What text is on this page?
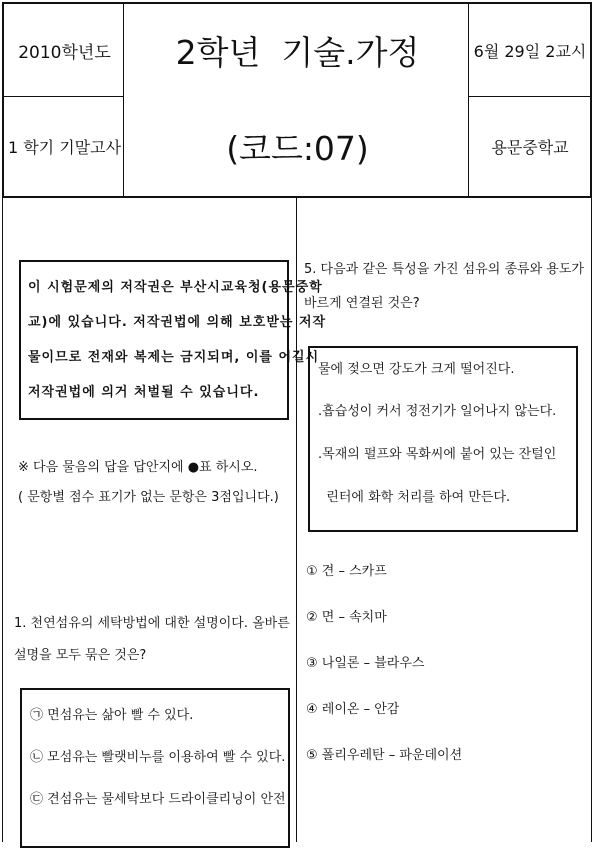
2010학년도
1 학기 기말고사
2학년  기술.가정
(코드:07)
6월 29일 2교시
용문중학교
이 시험문제의 저작권은 부산시교육청(용문중학
교)에 있습니다. 저작권법에 의해 보호받는 저작
물이므로 전재와 복제는 금지되며, 이를 어길시
저작권법에 의거 처벌될 수 있습니다.
※ 다음 물음의 답을 답안지에 ●표 하시오.
( 문항별 점수 표기가 없는 문항은 3점입니다.)
1. 천연섬유의 세탁방법에 대한 설명이다. 올바른
설명을 모두 묶은 것은?
㉠ 면섬유는 삶아 빨 수 있다.
㉡ 모섬유는 빨랫비누를 이용하여 빨 수 있다.
㉢ 견섬유는 물세탁보다 드라이클리닝이 안전
5. 다음과 같은 특성을 가진 섬유의 종류와 용도가
바르게 연결된 것은?
물에 젖으면 강도가 크게 떨어진다.
.흡습성이 커서 정전기가 일어나지 않는다.
.목재의 펄프와 목화씨에 붙어 있는 잔털인
린터에 화학 처리를 하여 만든다.
① 견 – 스카프
② 면 – 속치마
③ 나일론 – 블라우스
④ 레이온 – 안감
⑤ 폴리우레탄 – 파운데이션
